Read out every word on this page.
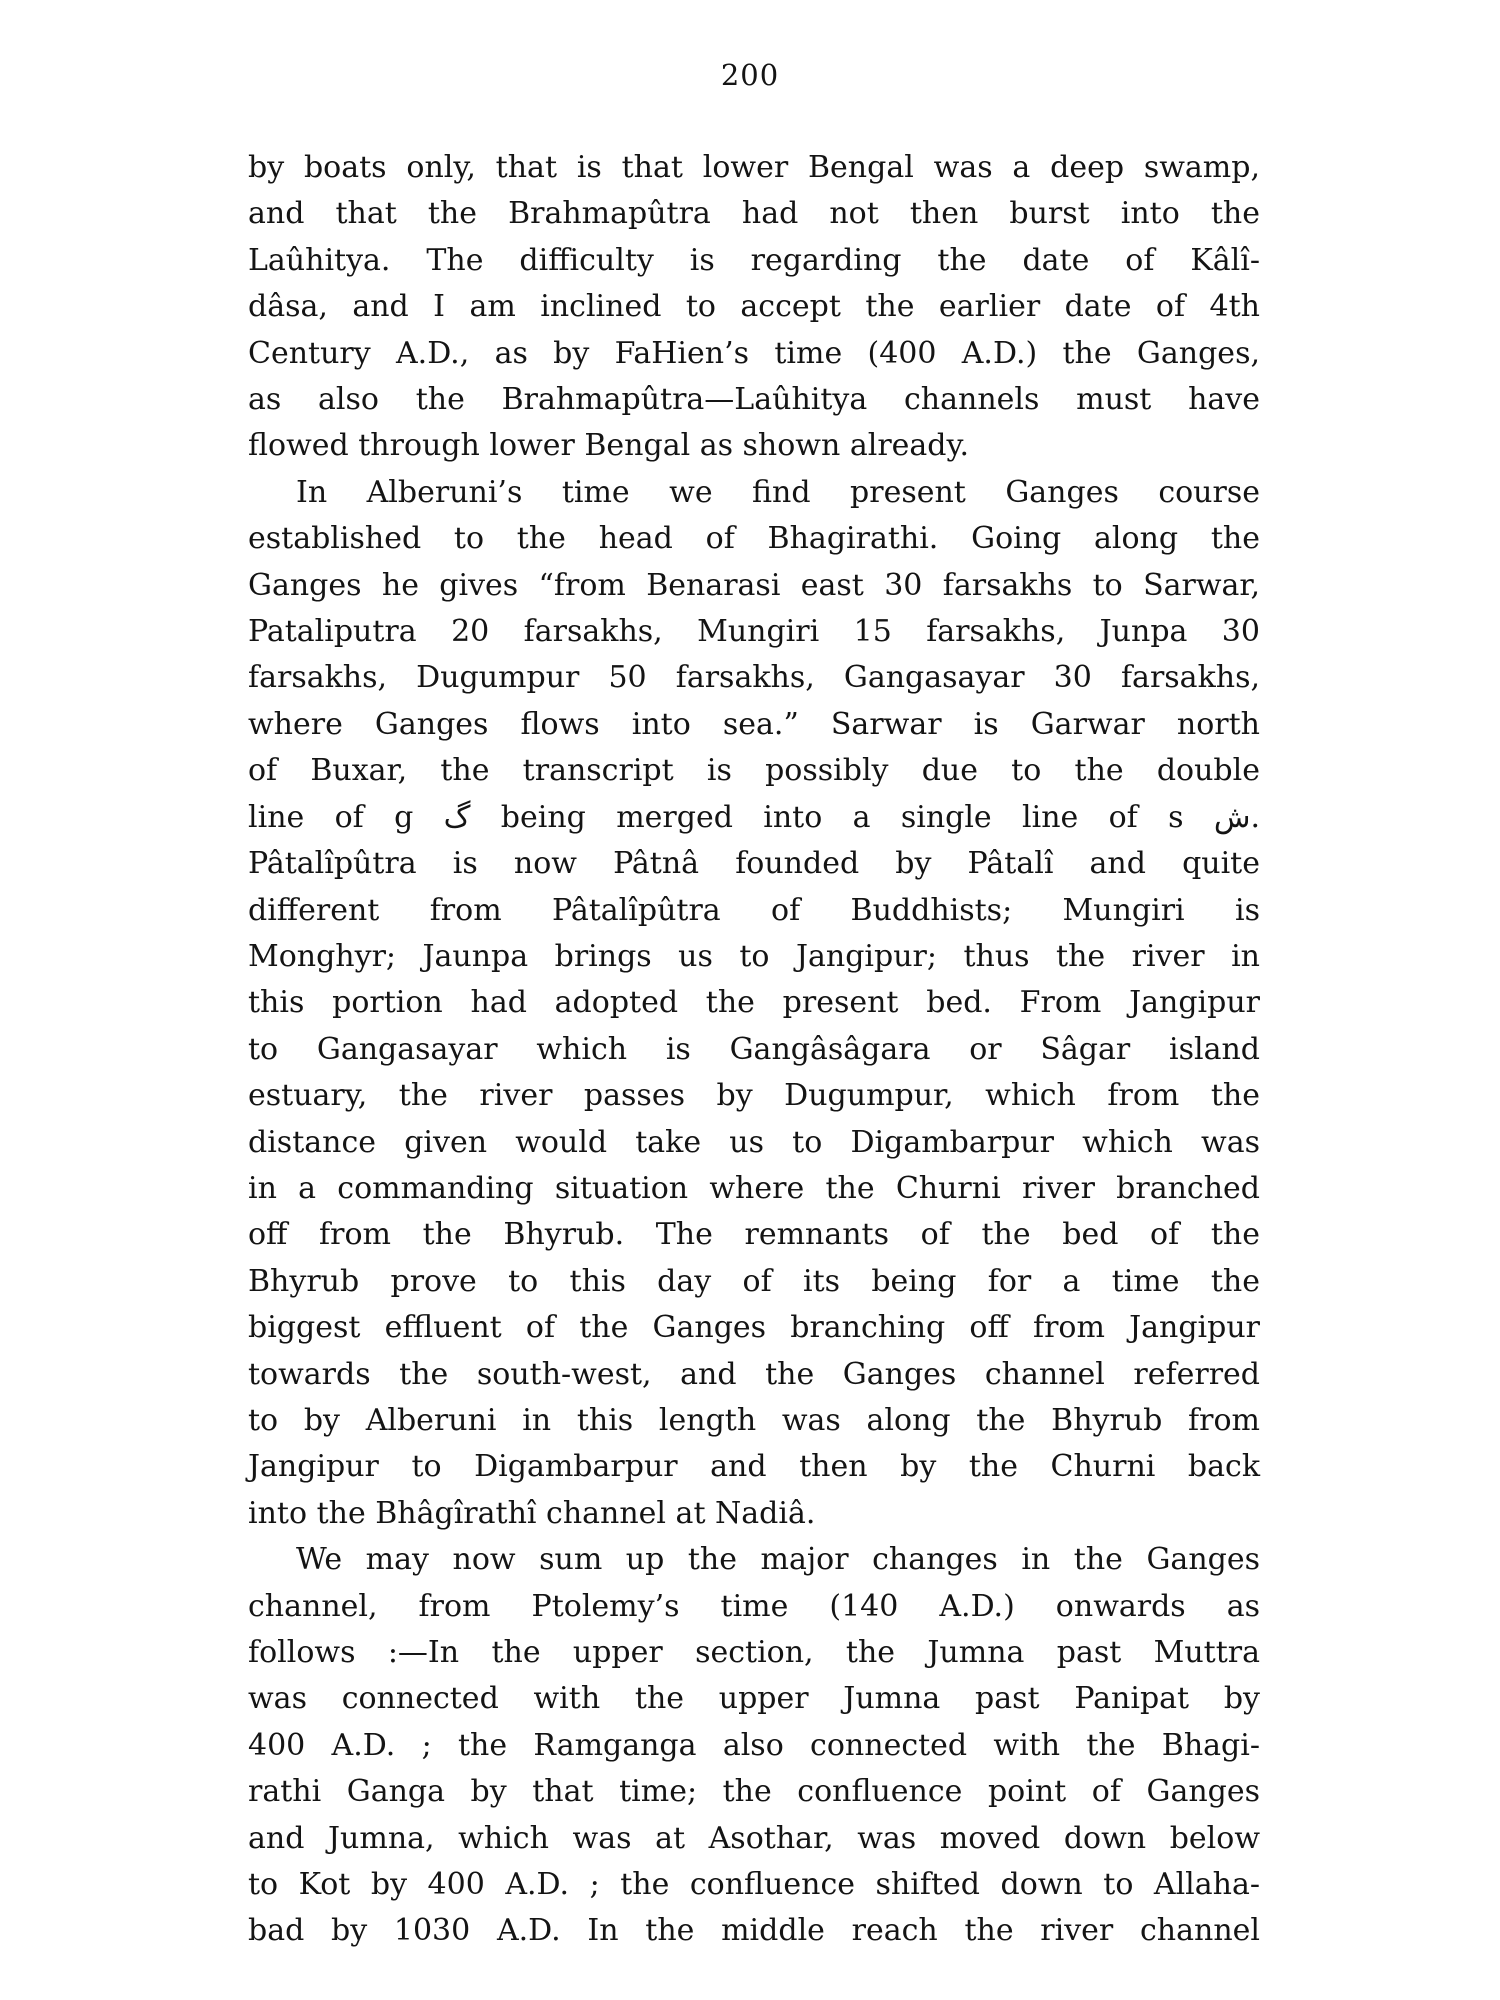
200

by boats only, that is that lower Bengal was a deep swamp,
and that the Brahmapûtra had not then burst into the
Laûhitya. The difficulty is regarding the date of Kâlî-
dâsa, and I am inclined to accept the earlier date of 4th
Century A.D., as by FaHien’s time (400 A.D.) the Ganges,
as also the Brahmapûtra—Laûhitya channels must have
flowed through lower Bengal as shown already.

In Alberuni’s time we find present Ganges course
established to the head of Bhagirathi. Going along the
Ganges he gives “from Benarasi east 30 farsakhs to Sarwar,
Pataliputra 20 farsakhs, Mungiri 15 farsakhs, Junpa 30
farsakhs, Dugumpur 50 farsakhs, Gangasayar 30 farsakhs,
where Ganges flows into sea.” Sarwar is Garwar north
of Buxar, the transcript is possibly due to the double
line of g گ being merged into a single line of s ش.
Pâtalîpûtra is now Pâtnâ founded by Pâtalî and quite
different from Pâtalîpûtra of Buddhists; Mungiri is
Monghyr; Jaunpa brings us to Jangipur; thus the river in
this portion had adopted the present bed. From Jangipur
to Gangasayar which is Gangâsâgara or Sâgar island
estuary, the river passes by Dugumpur, which from the
distance given would take us to Digambarpur which was
in a commanding situation where the Churni river branched
off from the Bhyrub. The remnants of the bed of the
Bhyrub prove to this day of its being for a time the
biggest effluent of the Ganges branching off from Jangipur
towards the south-west, and the Ganges channel referred
to by Alberuni in this length was along the Bhyrub from
Jangipur to Digambarpur and then by the Churni back
into the Bhâgîrathî channel at Nadiâ.

We may now sum up the major changes in the Ganges
channel, from Ptolemy’s time (140 A.D.) onwards as
follows :—In the upper section, the Jumna past Muttra
was connected with the upper Jumna past Panipat by
400 A.D. ; the Ramganga also connected with the Bhagi-
rathi Ganga by that time; the confluence point of Ganges
and Jumna, which was at Asothar, was moved down below
to Kot by 400 A.D. ; the confluence shifted down to Allaha-
bad by 1030 A.D. In the middle reach the river channel
